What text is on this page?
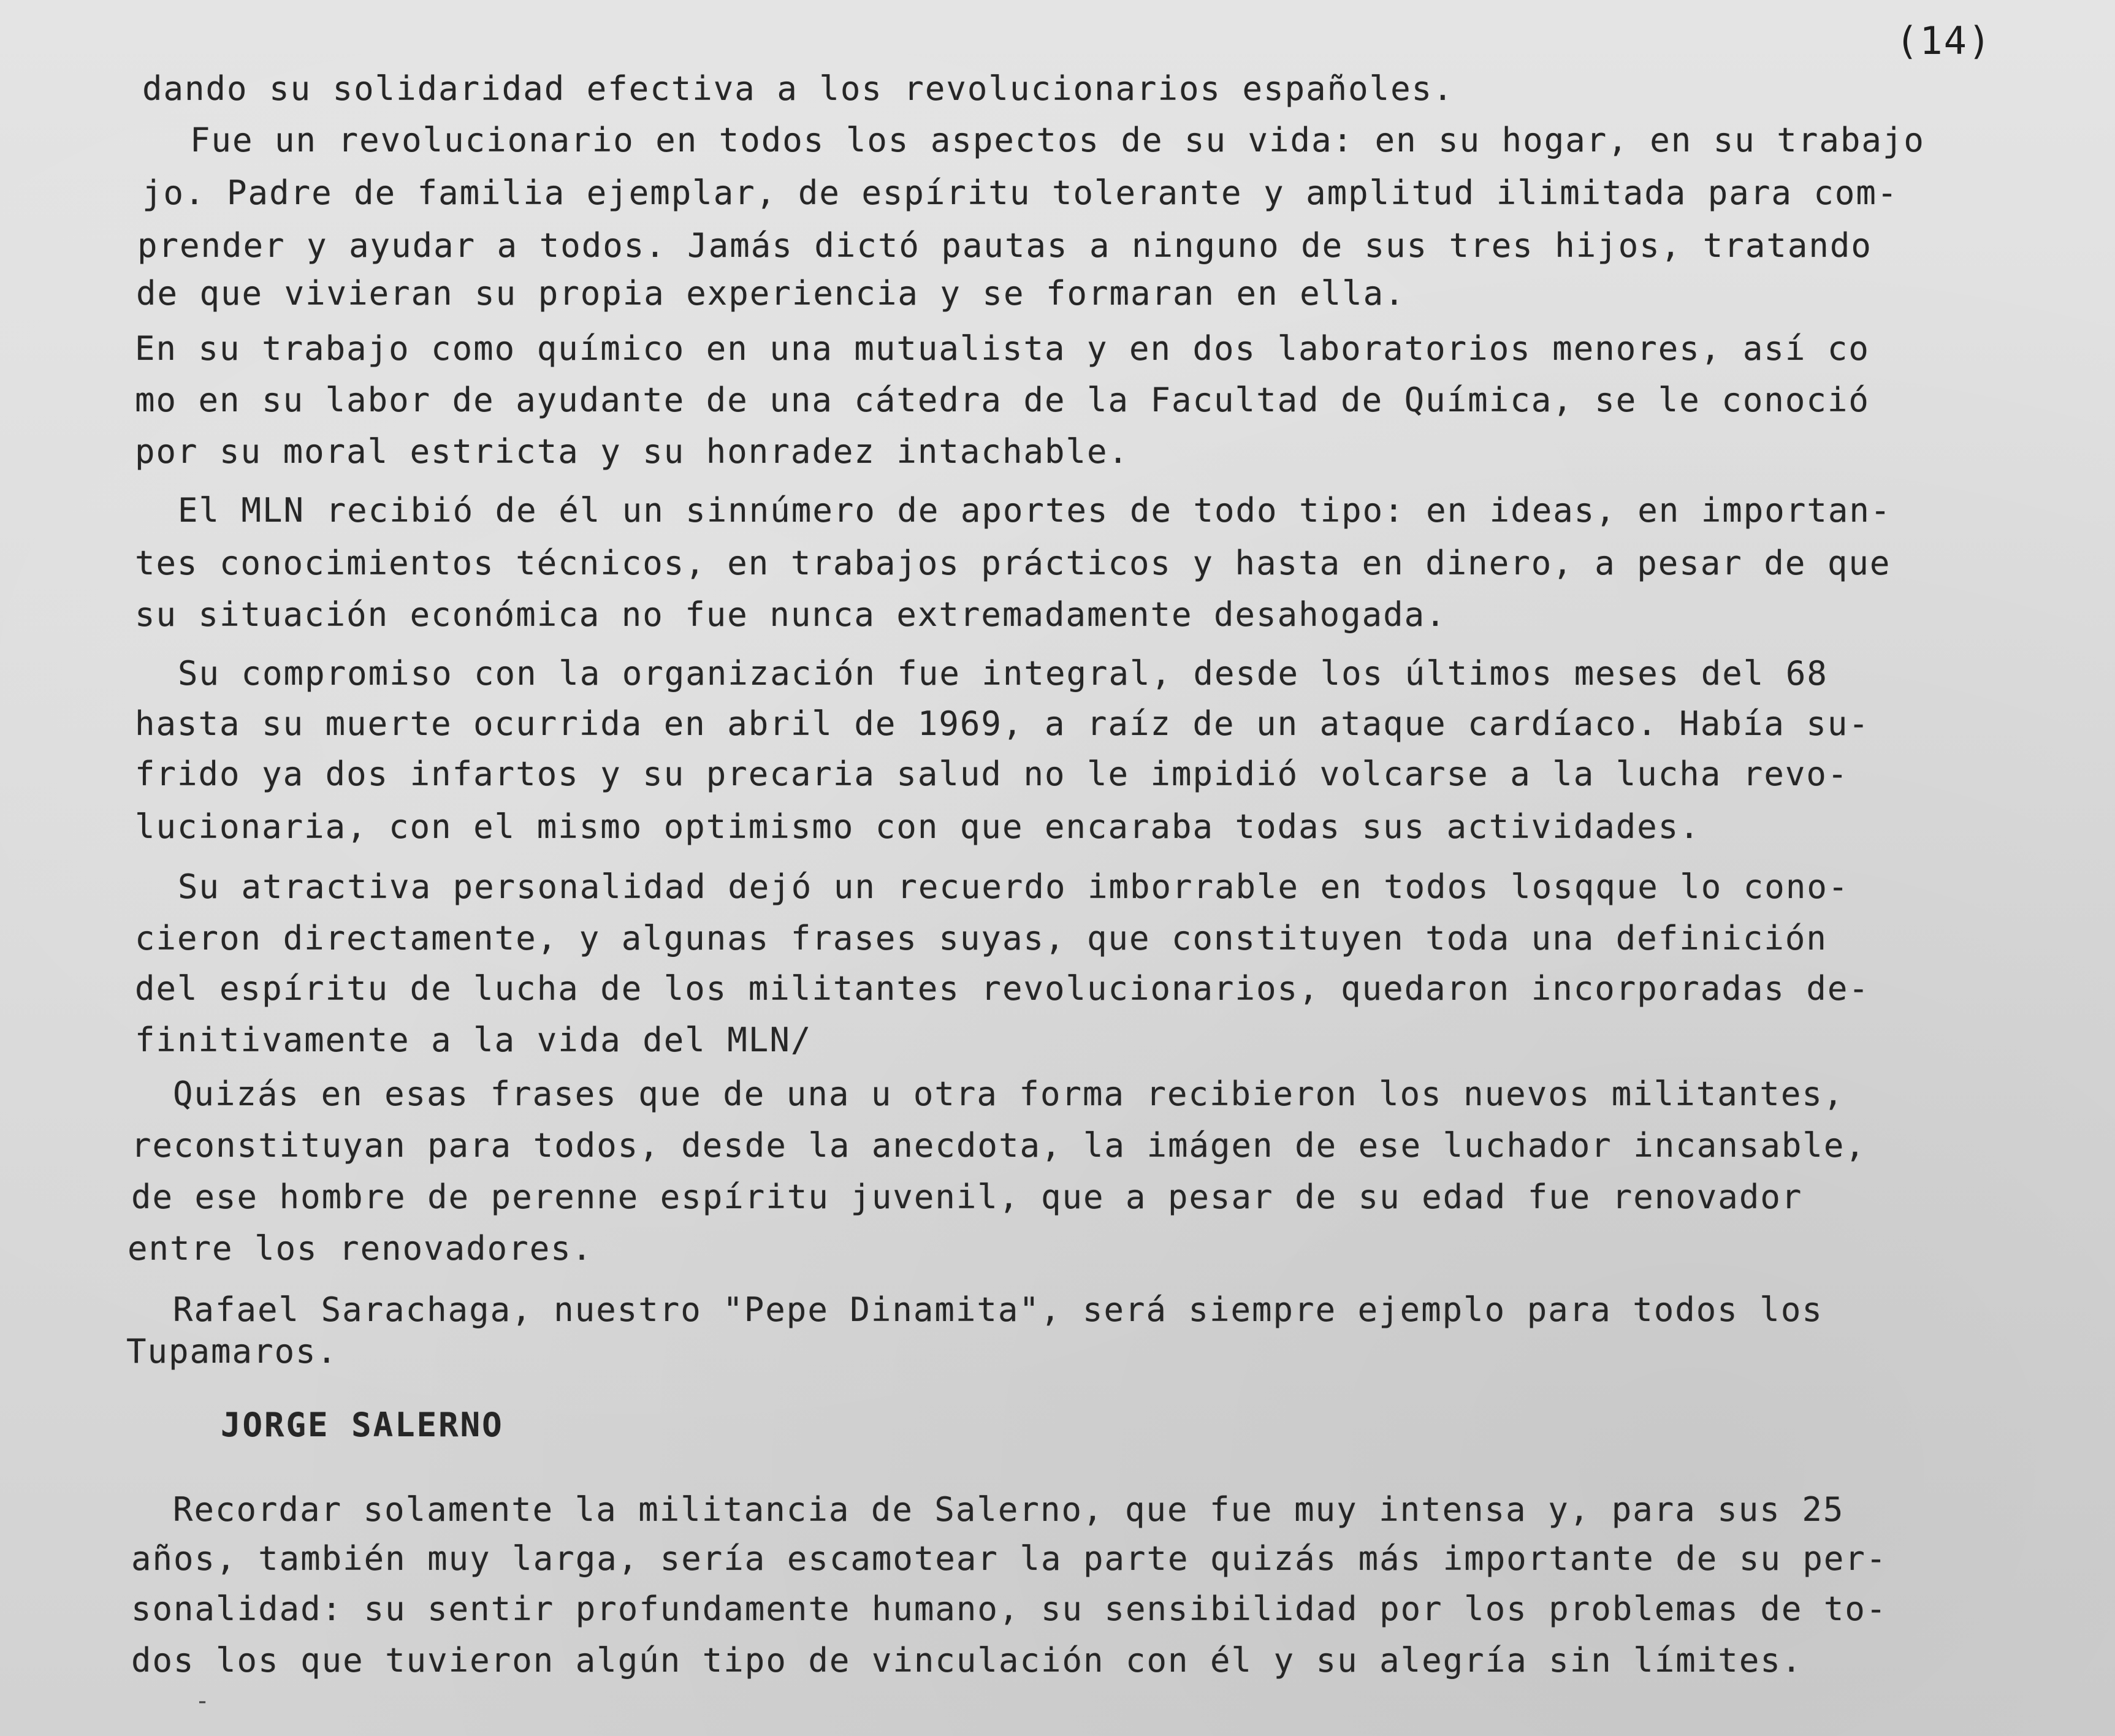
(14)
dando su solidaridad efectiva a los revolucionarios españoles.
Fue un revolucionario en todos los aspectos de su vida: en su hogar, en su trabajo
jo. Padre de familia ejemplar, de espíritu tolerante y amplitud ilimitada para com-
prender y ayudar a todos. Jamás dictó pautas a ninguno de sus tres hijos, tratando
de que vivieran su propia experiencia y se formaran en ella.
En su trabajo como químico en una mutualista y en dos laboratorios menores, así co
mo en su labor de ayudante de una cátedra de la Facultad de Química, se le conoció
por su moral estricta y su honradez intachable.
El MLN recibió de él un sinnúmero de aportes de todo tipo: en ideas, en importan-
tes conocimientos técnicos, en trabajos prácticos y hasta en dinero, a pesar de que
su situación económica no fue nunca extremadamente desahogada.
Su compromiso con la organización fue integral, desde los últimos meses del 68
hasta su muerte ocurrida en abril de 1969, a raíz de un ataque cardíaco. Había su-
frido ya dos infartos y su precaria salud no le impidió volcarse a la lucha revo-
lucionaria, con el mismo optimismo con que encaraba todas sus actividades.
Su atractiva personalidad dejó un recuerdo imborrable en todos losqque lo cono-
cieron directamente, y algunas frases suyas, que constituyen toda una definición
del espíritu de lucha de los militantes revolucionarios, quedaron incorporadas de-
finitivamente a la vida del MLN/
Quizás en esas frases que de una u otra forma recibieron los nuevos militantes,
reconstituyan para todos, desde la anecdota, la imágen de ese luchador incansable,
de ese hombre de perenne espíritu juvenil, que a pesar de su edad fue renovador
entre los renovadores.
Rafael Sarachaga, nuestro "Pepe Dinamita", será siempre ejemplo para todos los
Tupamaros.
JORGE SALERNO
Recordar solamente la militancia de Salerno, que fue muy intensa y, para sus 25
años, también muy larga, sería escamotear la parte quizás más importante de su per-
sonalidad: su sentir profundamente humano, su sensibilidad por los problemas de to-
dos los que tuvieron algún tipo de vinculación con él y su alegría sin límites.
-
